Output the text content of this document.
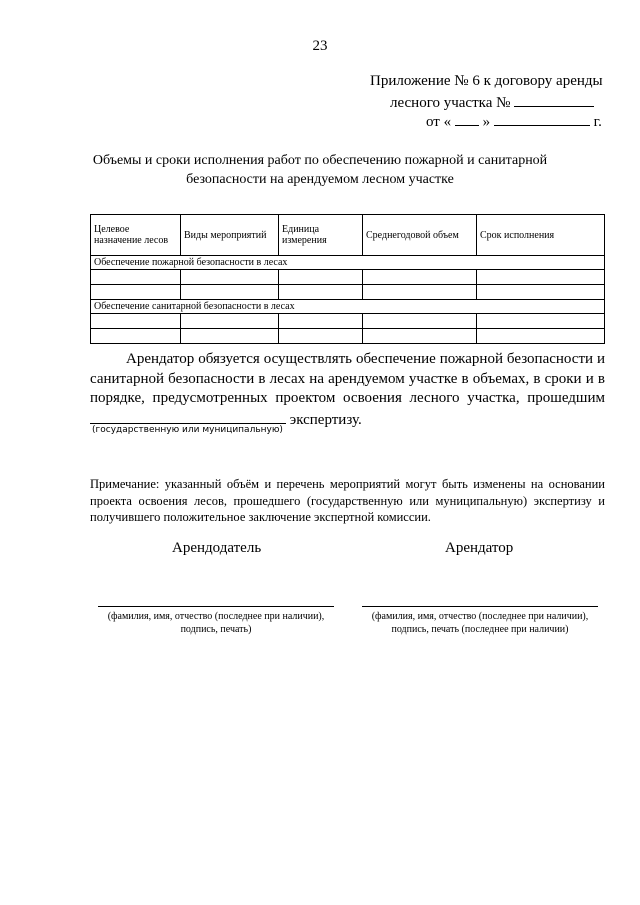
23
Приложение № 6 к договору аренды
лесного участка №
от « »	г.
Объемы и сроки исполнения работ по обеспечению пожарной и санитарной
безопасности на арендуемом лесном участке
Целевое назначение лесов	Виды мероприятий	Единица измерения	Среднегодовой объем	Срок исполнения
Обеспечение пожарной безопасности в лесах				

Обеспечение санитарной безопасности в лесах				

Арендатор обязуется осуществлять обеспечение пожарной безопасности и санитарной безопасности в лесах на арендуемом участке в объемах, в сроки и в порядке, предусмотренных проектом освоения лесного участка, прошедшим  экспертизу.
(государственную или муниципальную)
Примечание: указанный объём и перечень мероприятий могут быть изменены на основании проекта освоения лесов, прошедшего (государственную или муниципальную) экспертизу и получившего положительное заключение экспертной комиссии.
Арендодатель	Арендатор
(фамилия, имя, отчество (последнее при наличии),
подпись, печать)
(фамилия, имя, отчество (последнее при наличии),
подпись, печать (последнее при наличии)
